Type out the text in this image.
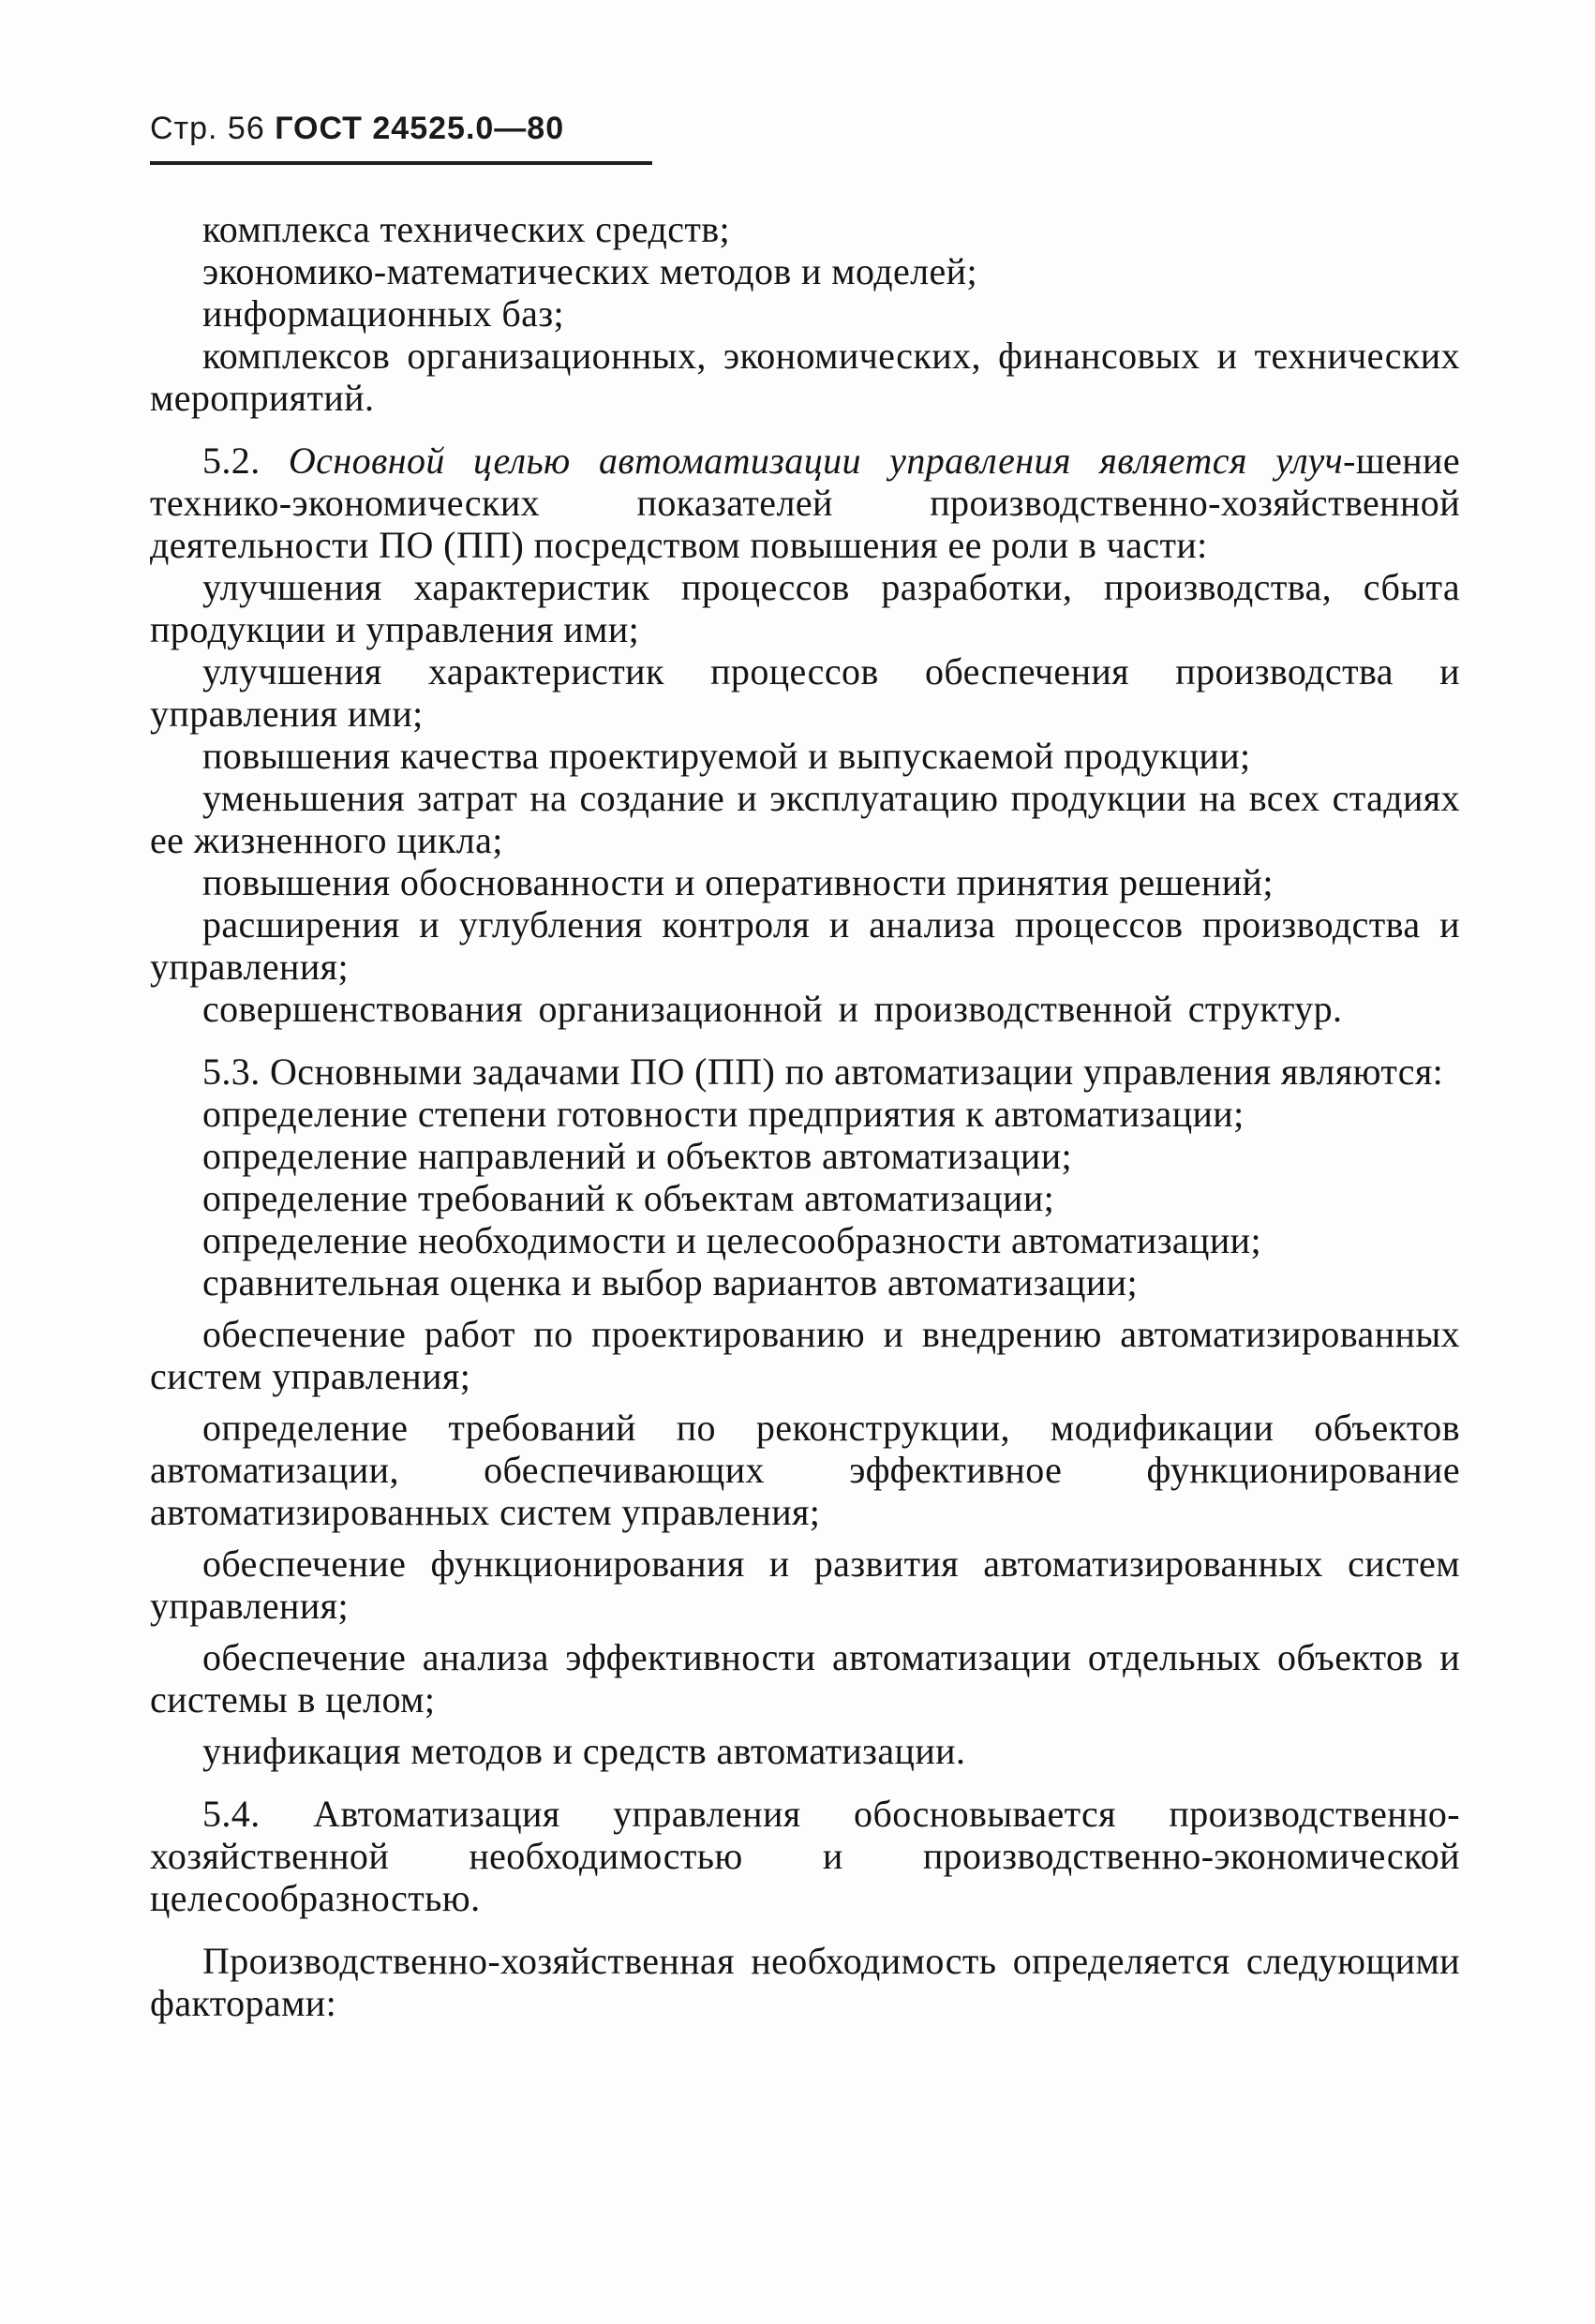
Стр. 56 ГОСТ 24525.0—80

комплекса технических средств;

экономико-математических методов и моделей;

информационных баз;

комплексов организационных, экономических, финансовых и технических мероприятий.

5.2. Основной целью автоматизации управления является улуч-шение технико-экономических показателей производственно-хозяйственной деятельности ПО (ПП) посредством повышения ее роли в части:

улучшения характеристик процессов разработки, производства, сбыта продукции и управления ими;

улучшения характеристик процессов обеспечения производства и управления ими;

повышения качества проектируемой и выпускаемой продукции;

уменьшения затрат на создание и эксплуатацию продукции на всех стадиях ее жизненного цикла;

повышения обоснованности и оперативности принятия решений;

расширения и углубления контроля и анализа процессов производства и управления;

совершенствования организационной и производственной структур.

5.3. Основными задачами ПО (ПП) по автоматизации управления являются:

определение степени готовности предприятия к автоматизации;

определение направлений и объектов автоматизации;

определение требований к объектам автоматизации;

определение необходимости и целесообразности автоматизации;

сравнительная оценка и выбор вариантов автоматизации;

обеспечение работ по проектированию и внедрению автоматизированных систем управления;

определение требований по реконструкции, модификации объектов автоматизации, обеспечивающих эффективное функционирование автоматизированных систем управления;

обеспечение функционирования и развития автоматизированных систем управления;

обеспечение анализа эффективности автоматизации отдельных объектов и системы в целом;

унификация методов и средств автоматизации.

5.4. Автоматизация управления обосновывается производственно-хозяйственной необходимостью и производственно-экономической целесообразностью.

Производственно-хозяйственная необходимость определяется следующими факторами:
